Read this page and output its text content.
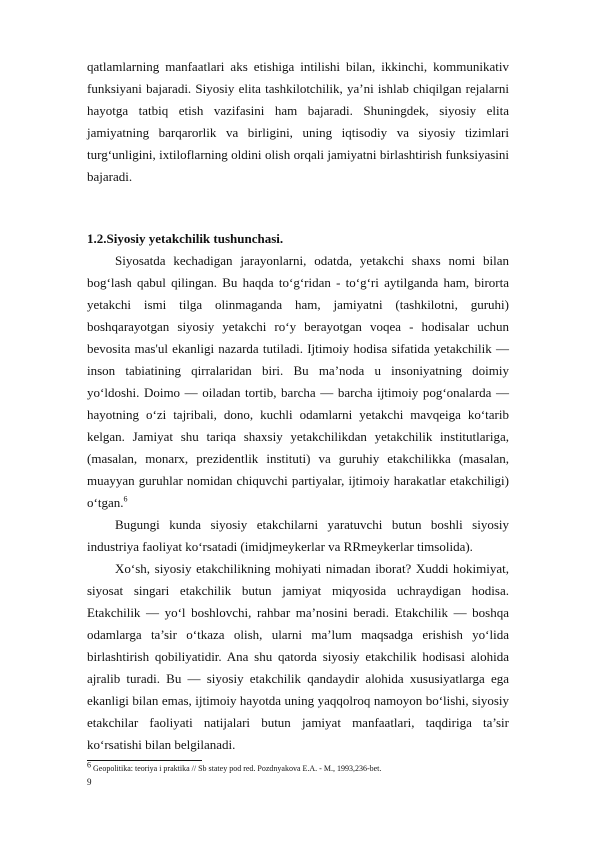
qatlamlarning manfaatlari aks etishiga intilishi bilan, ikkinchi, kommunikativ funksiyani bajaradi. Siyosiy elita tashkilotchilik, ya’ni ishlab chiqilgan rejalarni hayotga tatbiq etish vazifasini ham bajaradi. Shuningdek, siyosiy elita jamiyatning barqarorlik va birligini, uning iqtisodiy va siyosiy tizimlari turg‘unligini, ixtiloflarning oldini olish orqali jamiyatni birlashtirish funksiyasini bajaradi.

1.2.Siyosiy yetakchilik tushunchasi.

Siyosatda kechadigan jarayonlarni, odatda, yetakchi shaxs nomi bilan bog‘lash qabul qilingan. Bu haqda to‘g‘ridan - to‘g‘ri aytilganda ham, birorta yetakchi ismi tilga olinmaganda ham, jamiyatni (tashkilotni, guruhi) boshqarayotgan siyosiy yetakchi ro‘y berayotgan voqea - hodisalar uchun bevosita mas'ul ekanligi nazarda tutiladi. Ijtimoiy hodisa sifatida yetakchilik — inson tabiatining qirralaridan biri. Bu ma’noda u insoniyatning doimiy yo‘ldoshi. Doimo — oiladan tortib, barcha — barcha ijtimoiy pog‘onalarda — hayotning o‘zi tajribali, dono, kuchli odamlarni yetakchi mavqeiga ko‘tarib kelgan. Jamiyat shu tariqa shaxsiy yetakchilikdan yetakchilik institutlariga, (masalan, monarx, prezidentlik instituti) va guruhiy etakchilikka (masalan, muayyan guruhlar nomidan chiquvchi partiyalar, ijtimoiy harakatlar etakchiligi) o‘tgan.$^6$

Bugungi kunda siyosiy etakchilarni yaratuvchi butun boshli siyosiy industriya faoliyat ko‘rsatadi (imidjmeykerlar va RRmeykerlar timsolida).

Xo‘sh, siyosiy etakchilikning mohiyati nimadan iborat? Xuddi hokimiyat, siyosat singari etakchilik butun jamiyat miqyosida uchraydigan hodisa. Etakchilik — yo‘l boshlovchi, rahbar ma’nosini beradi. Etakchilik — boshqa odamlarga ta’sir o‘tkaza olish, ularni ma’lum maqsadga erishish yo‘lida birlashtirish qobiliyatidir. Ana shu qatorda siyosiy etakchilik hodisasi alohida ajralib turadi. Bu — siyosiy etakchilik qandaydir alohida xususiyatlarga ega ekanligi bilan emas, ijtimoiy hayotda uning yaqqolroq namoyon bo‘lishi, siyosiy etakchilar faoliyati natijalari butun jamiyat manfaatlari, taqdiriga ta’sir ko‘rsatishi bilan belgilanadi.

$^6$ Geopolitika: teoriya i praktika // Sb statey pod red. Pozdnyakova E.A. - M., 1993,236-bet.
9
